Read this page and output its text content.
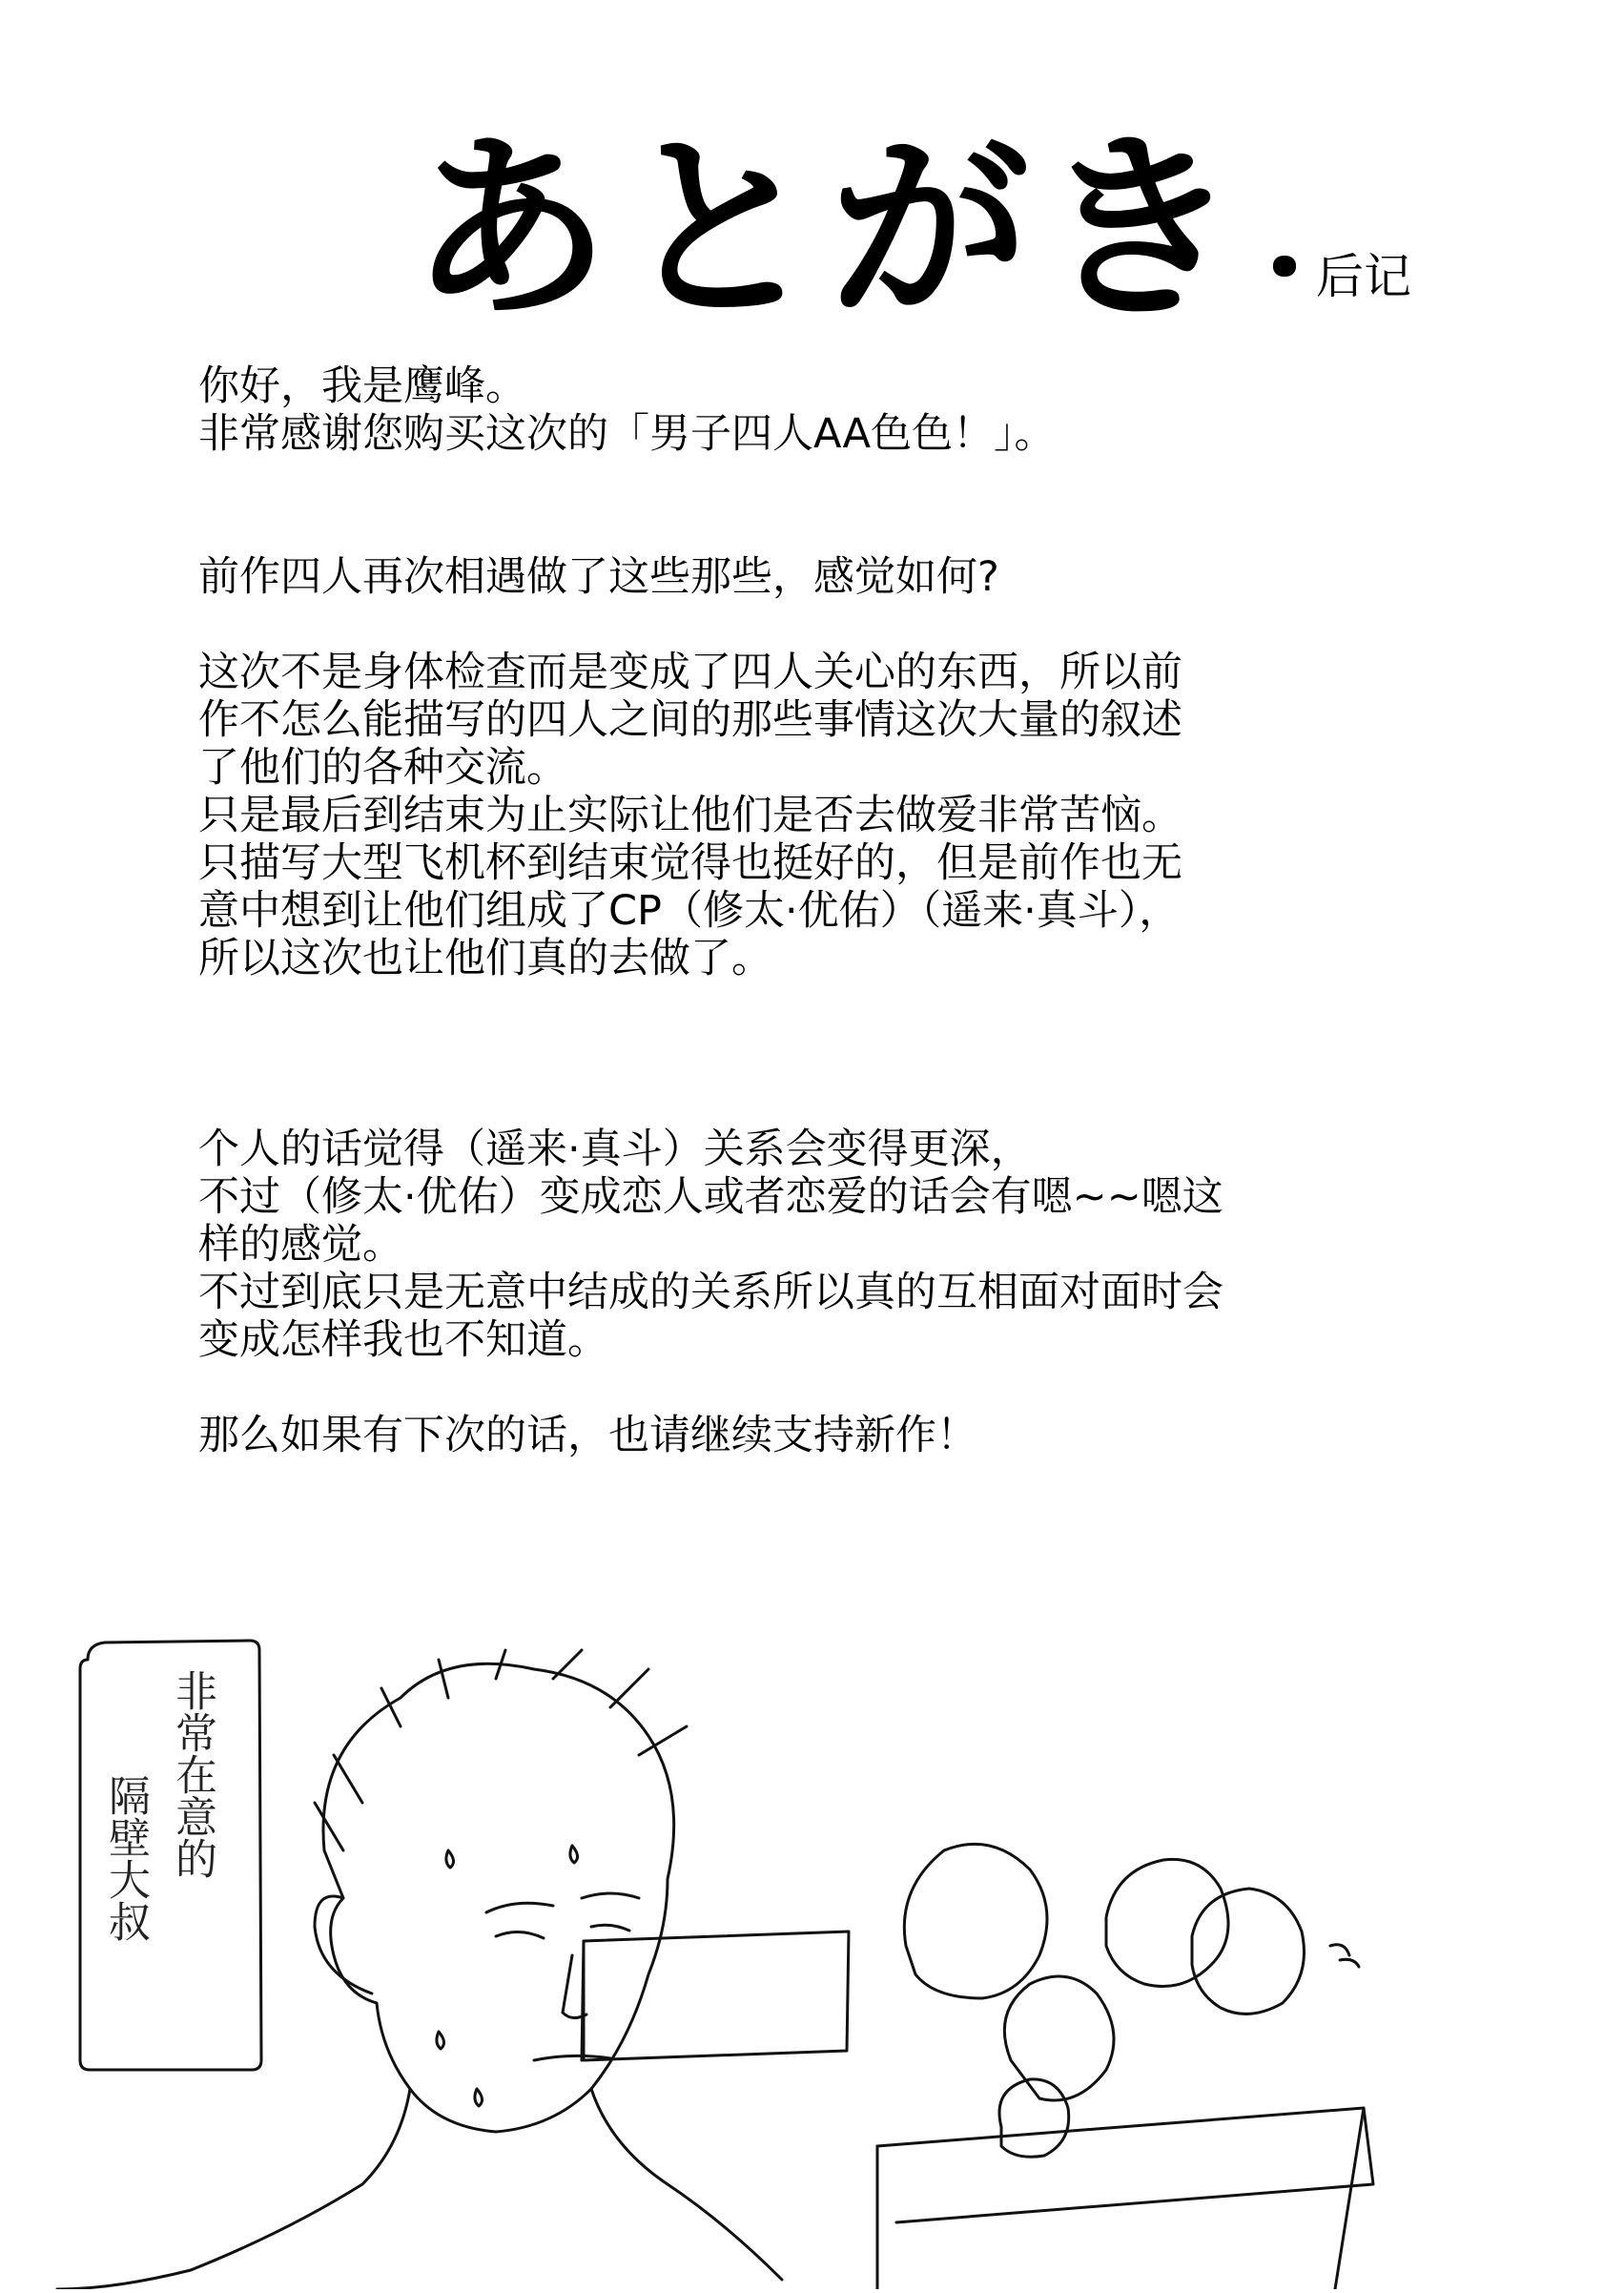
あとがき 后记

你好，我是鹰峰。

非常感谢您购买这次的「男子四人AA色色！」。

前作四人再次相遇做了这些那些，感觉如何?

这次不是身体检查而是变成了四人关心的东西，所以前

作不怎么能描写的四人之间的那些事情这次大量的叙述

了他们的各种交流。

只是最后到结束为止实际让他们是否去做爱非常苦恼。

只描写大型飞机杯到结束觉得也挺好的，但是前作也无

意中想到让他们组成了CP（修太·优佑）（遥来·真斗），

所以这次也让他们真的去做了。

个人的话觉得（遥来·真斗）关系会变得更深，

不过（修太·优佑）变成恋人或者恋爱的话会有嗯~~嗯这

样的感觉。

不过到底只是无意中结成的关系所以真的互相面对面时会

变成怎样我也不知道。

那么如果有下次的话，也请继续支持新作！

非常在意的
隔壁大叔
